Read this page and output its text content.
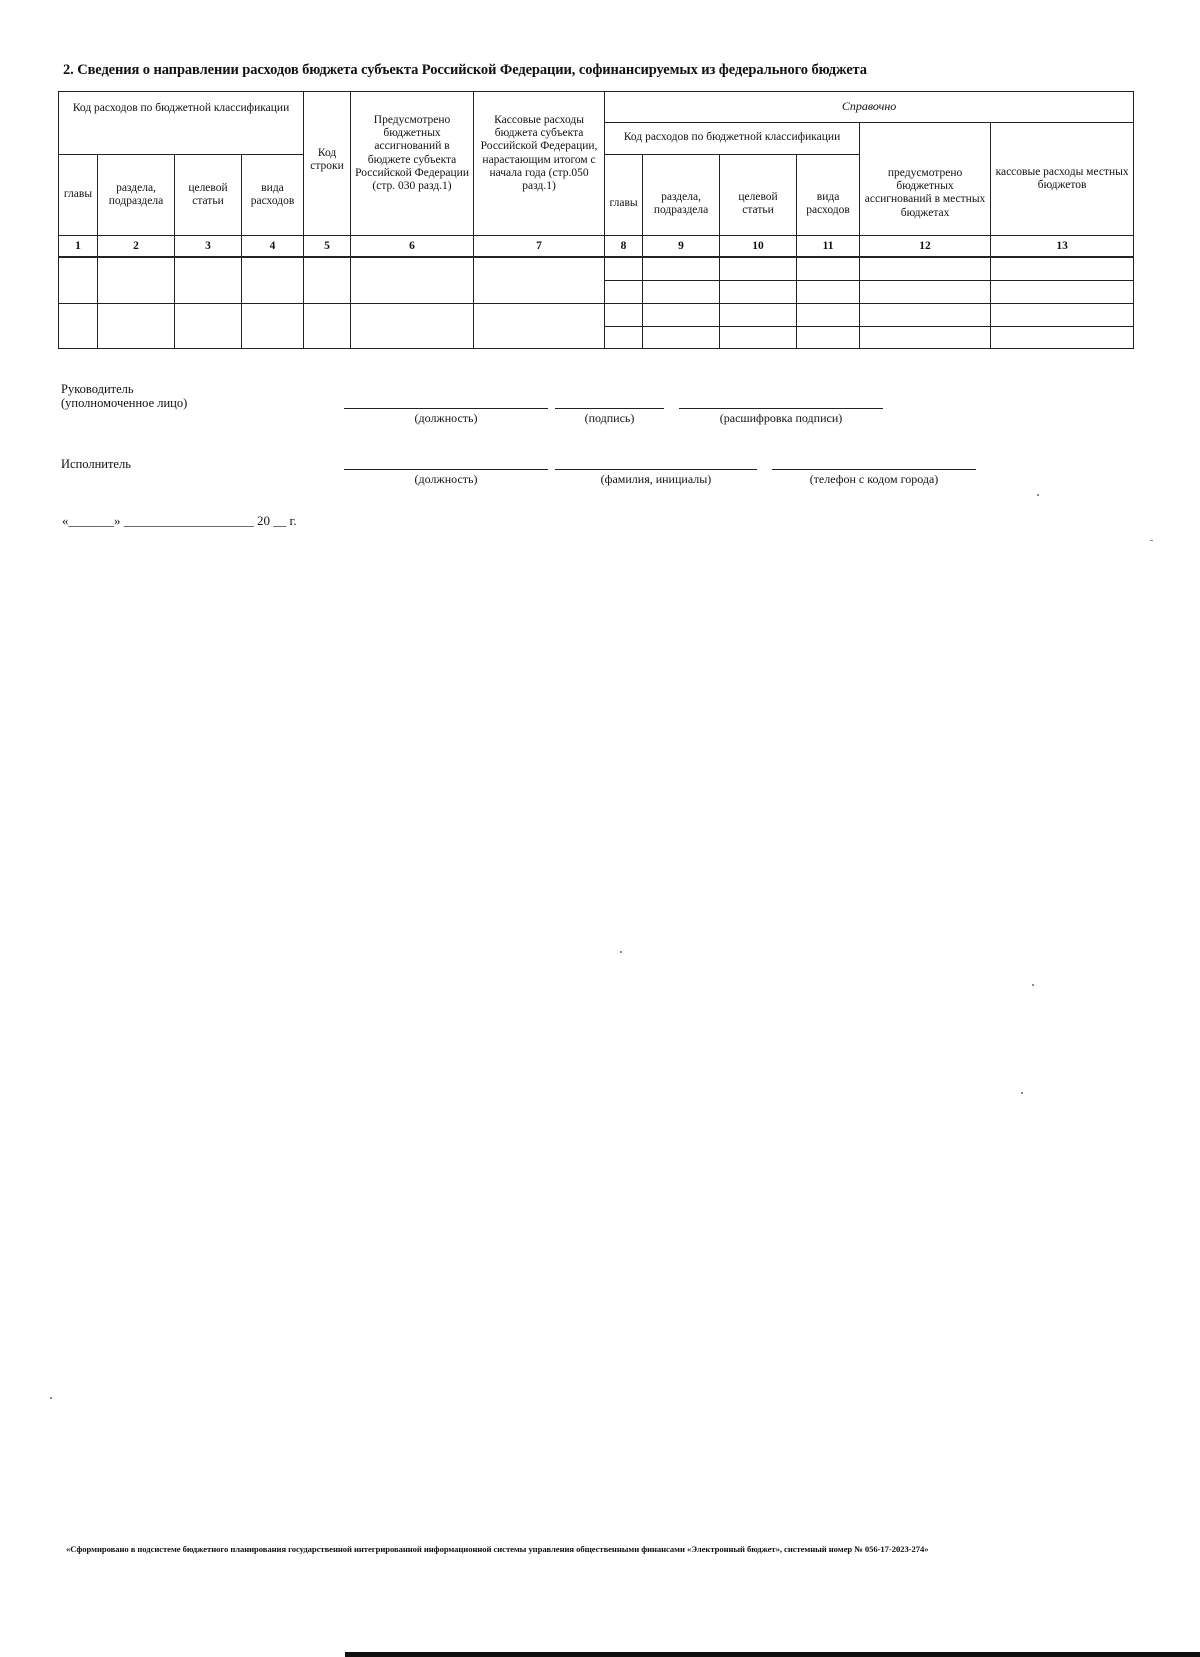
2. Сведения о направлении расходов бюджета субъекта Российской Федерации, софинансируемых из федерального бюджета
Код расходов по бюджетной классификации				Код строки	Предусмотрено бюджетных ассигнований в бюджете субъекта Российской Федерации (стр. 030 разд.1)	Кассовые расходы бюджета субъекта Российской Федерации, нарастающим итогом с начала года (стр.050 разд.1)	Справочно					
							Код расходов по бюджетной классификации				предусмотрено бюджетных ассигнований в местных бюджетах	кассовые расходы местных бюджетов
главы	раздела, подраздела	целевой статьи	вида расходов				главы	раздела, подраздела	целевой статьи	вида расходов		
1	2	3	4	5	6	7	8	9	10	11	12	13

Руководитель
(уполномоченное лицо)
(должность)	(подпись)	(расшифровка подписи)
Исполнитель
(должность)	(фамилия, инициалы)	(телефон с кодом города)
«_______» ____________________ 20 __ г.
«Сформировано в подсистеме бюджетного планирования государственной интегрированной информационной системы управления общественными финансами «Электронный бюджет», системный номер № 056-17-2023-274»
